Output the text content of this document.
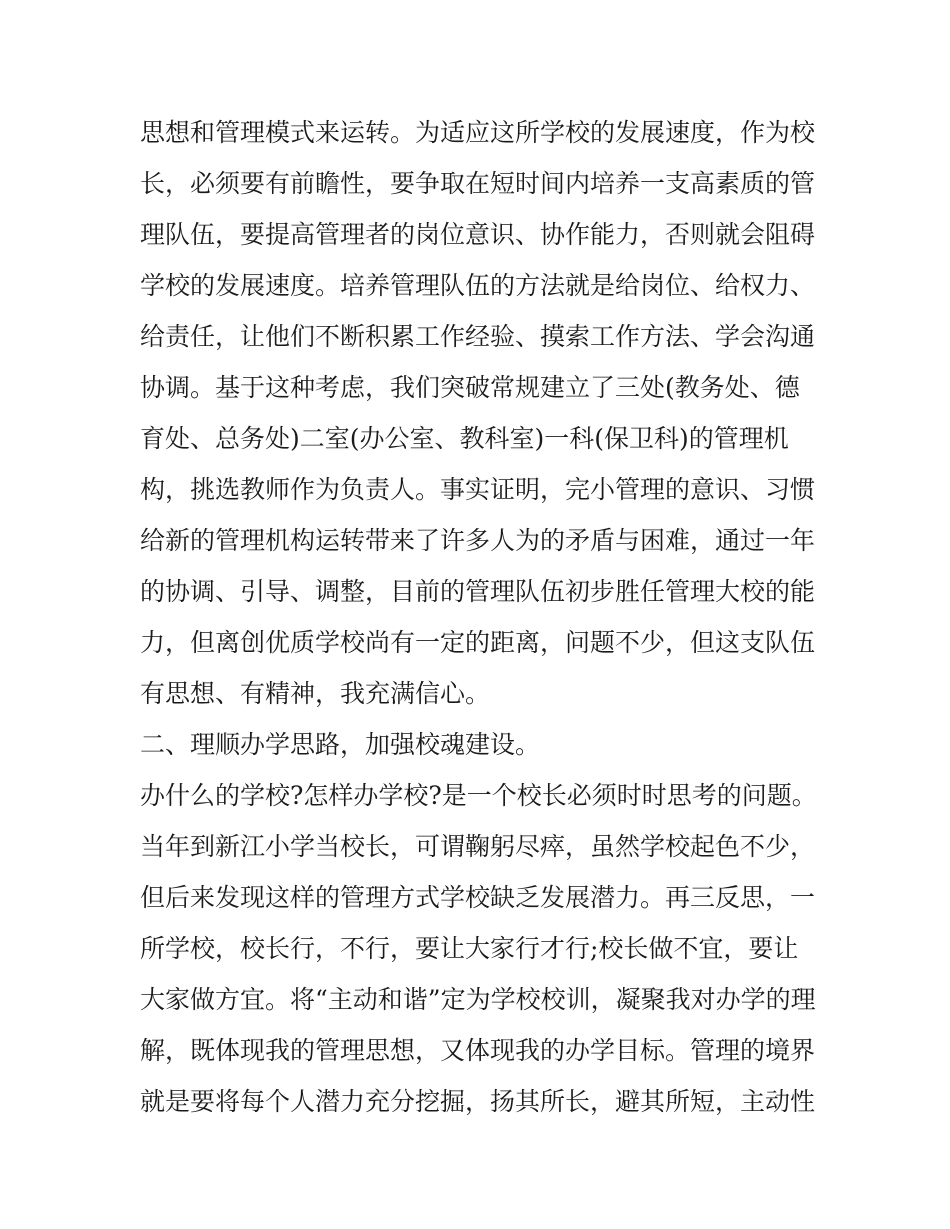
思想和管理模式来运转。为适应这所学校的发展速度，作为校

长，必须要有前瞻性，要争取在短时间内培养一支高素质的管

理队伍，要提高管理者的岗位意识、协作能力，否则就会阻碍

学校的发展速度。培养管理队伍的方法就是给岗位、给权力、

给责任，让他们不断积累工作经验、摸索工作方法、学会沟通

协调。基于这种考虑，我们突破常规建立了三处(教务处、德

育处、总务处)二室(办公室、教科室)一科(保卫科)的管理机

构，挑选教师作为负责人。事实证明，完小管理的意识、习惯

给新的管理机构运转带来了许多人为的矛盾与困难，通过一年

的协调、引导、调整，目前的管理队伍初步胜任管理大校的能

力，但离创优质学校尚有一定的距离，问题不少，但这支队伍

有思想、有精神，我充满信心。

二、理顺办学思路，加强校魂建设。

办什么的学校?怎样办学校?是一个校长必须时时思考的问题。

当年到新江小学当校长，可谓鞠躬尽瘁，虽然学校起色不少，

但后来发现这样的管理方式学校缺乏发展潜力。再三反思，一

所学校，校长行，不行，要让大家行才行;校长做不宜，要让

大家做方宜。将“主动和谐”定为学校校训，凝聚我对办学的理

解，既体现我的管理思想，又体现我的办学目标。管理的境界

就是要将每个人潜力充分挖掘，扬其所长，避其所短，主动性
